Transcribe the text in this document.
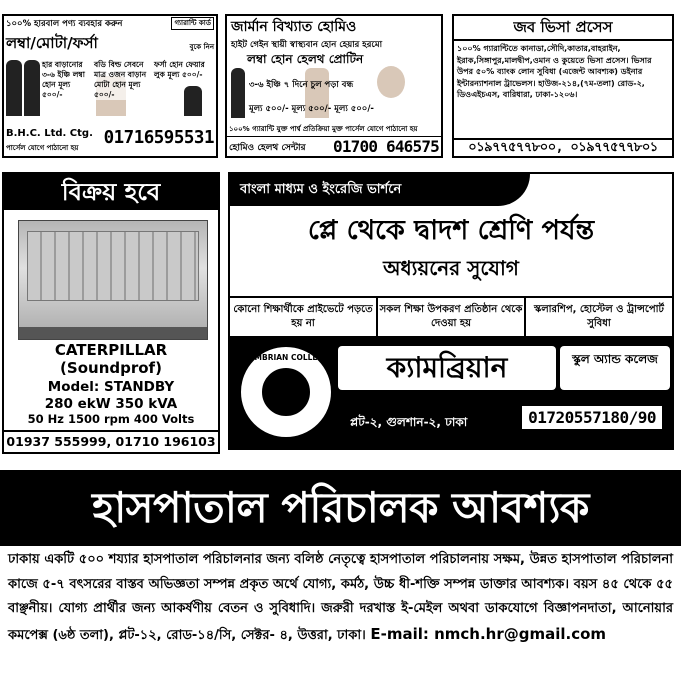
১০০% হারবাল পণ্য ব্যবহার করুন	গ্যারান্টি কার্ড
লম্বা/মোটা/ফর্সা	বুকে নিন
হার বাড়ানোর ৩-৬ ইঞ্চি লম্বা হোন মূল্য ৫০০/-
বডি বিল্ড সেবনে মাত্র ওজন বাড়ান মোটা হোন মূল্য ৫০০/-
ফর্সা হোন ফেয়ার লুক মূল্য ৫০০/-
B.H.C. Ltd. Ctg.
পার্সেল যোগে পাঠানো হয় 01716595531
জার্মান বিখ্যাত হোমিও
হাইট গেইন স্থায়ী স্বাস্থ্যবান হোন হেয়ার হরমো
লম্বা হোন হেলথ প্রোটিন
৩-৬ ইঞ্চি ৭ দিনে চুল পড়া বন্ধ
মূল্য ৫০০/- মূল্য ৫০০/- মূল্য ৫০০/-
১০০% গ্যারান্টি যুক্ত পার্শ্ব প্রতিক্রিয়া মুক্ত পার্সেল যোগে পাঠানো হয়
হোমিও হেলথ সেন্টার 01700 646575
জব ভিসা প্রসেস
১০০% গ্যারান্টিতে কানাডা,সৌদি,কাতার,বাহরাইন, ইরাক,সিঙ্গাপুর,মালদ্বীপ,ওমান ও কুয়েতে ভিসা প্রসেস। ভিসার উপর ৫০% ব্যাংক লোন সুবিধা (এজেন্ট আবশ্যক) ডইনার ইন্টারন্যাশনাল ট্রাভেলস। হাউজ-২১৪,(৭ম-তলা) রোড-২, ডিওএইচএস, বারিধারা, ঢাকা-১২০৬।
০১৯৭৭৫৭৭৮০০, ০১৯৭৭৫৭৭৮০১
বিক্রয় হবে
CATERPILLAR
(Soundprof)
Model: STANDBY
280 ekW 350 kVA
50 Hz 1500 rpm 400 Volts
01937 555999, 01710 196103
বাংলা মাধ্যম ও ইংরেজি ভার্শনে
প্লে থেকে দ্বাদশ শ্রেণি পর্যন্ত
অধ্যয়নের সুযোগ
কোনো শিক্ষার্থীকে প্রাইভেটে পড়তে হয় না
সকল শিক্ষা উপকরণ প্রতিষ্ঠান থেকে দেওয়া হয়
স্কলারশিপ, হোস্টেল ও ট্রান্সপোর্ট সুবিধা
CAMBRIAN COLLEGE	ক্যামব্রিয়ান	স্কুল অ্যান্ড কলেজ
প্লট-২, গুলশান-২, ঢাকা	01720557180/90
হাসপাতাল পরিচালক আবশ্যক
ঢাকায় একটি ৫০০ শয্যার হাসপাতাল পরিচালনার জন্য বলিষ্ঠ নেতৃত্বে হাসপাতাল পরিচালনায় সক্ষম, উন্নত হাসপাতাল পরিচালনা কাজে ৫-৭ বৎসরের বাস্তব অভিজ্ঞতা সম্পন্ন প্রকৃত অর্থে যোগ্য, কর্মঠ, উচ্চ ধী-শক্তি সম্পন্ন ডাক্তার আবশ্যক। বয়স ৪৫ থেকে ৫৫ বাঞ্ছনীয়। যোগ্য প্রার্থীর জন্য আকর্ষণীয় বেতন ও সুবিধাদি। জরুরী দরখাস্ত ই-মেইল অথবা ডাকযোগে বিজ্ঞাপনদাতা, আনোয়ার কমপেক্স (৬ষ্ঠ তলা), প্লট-১২, রোড-১৪/সি, সেক্টর- ৪, উত্তরা, ঢাকা। E-mail: nmch.hr@gmail.com
